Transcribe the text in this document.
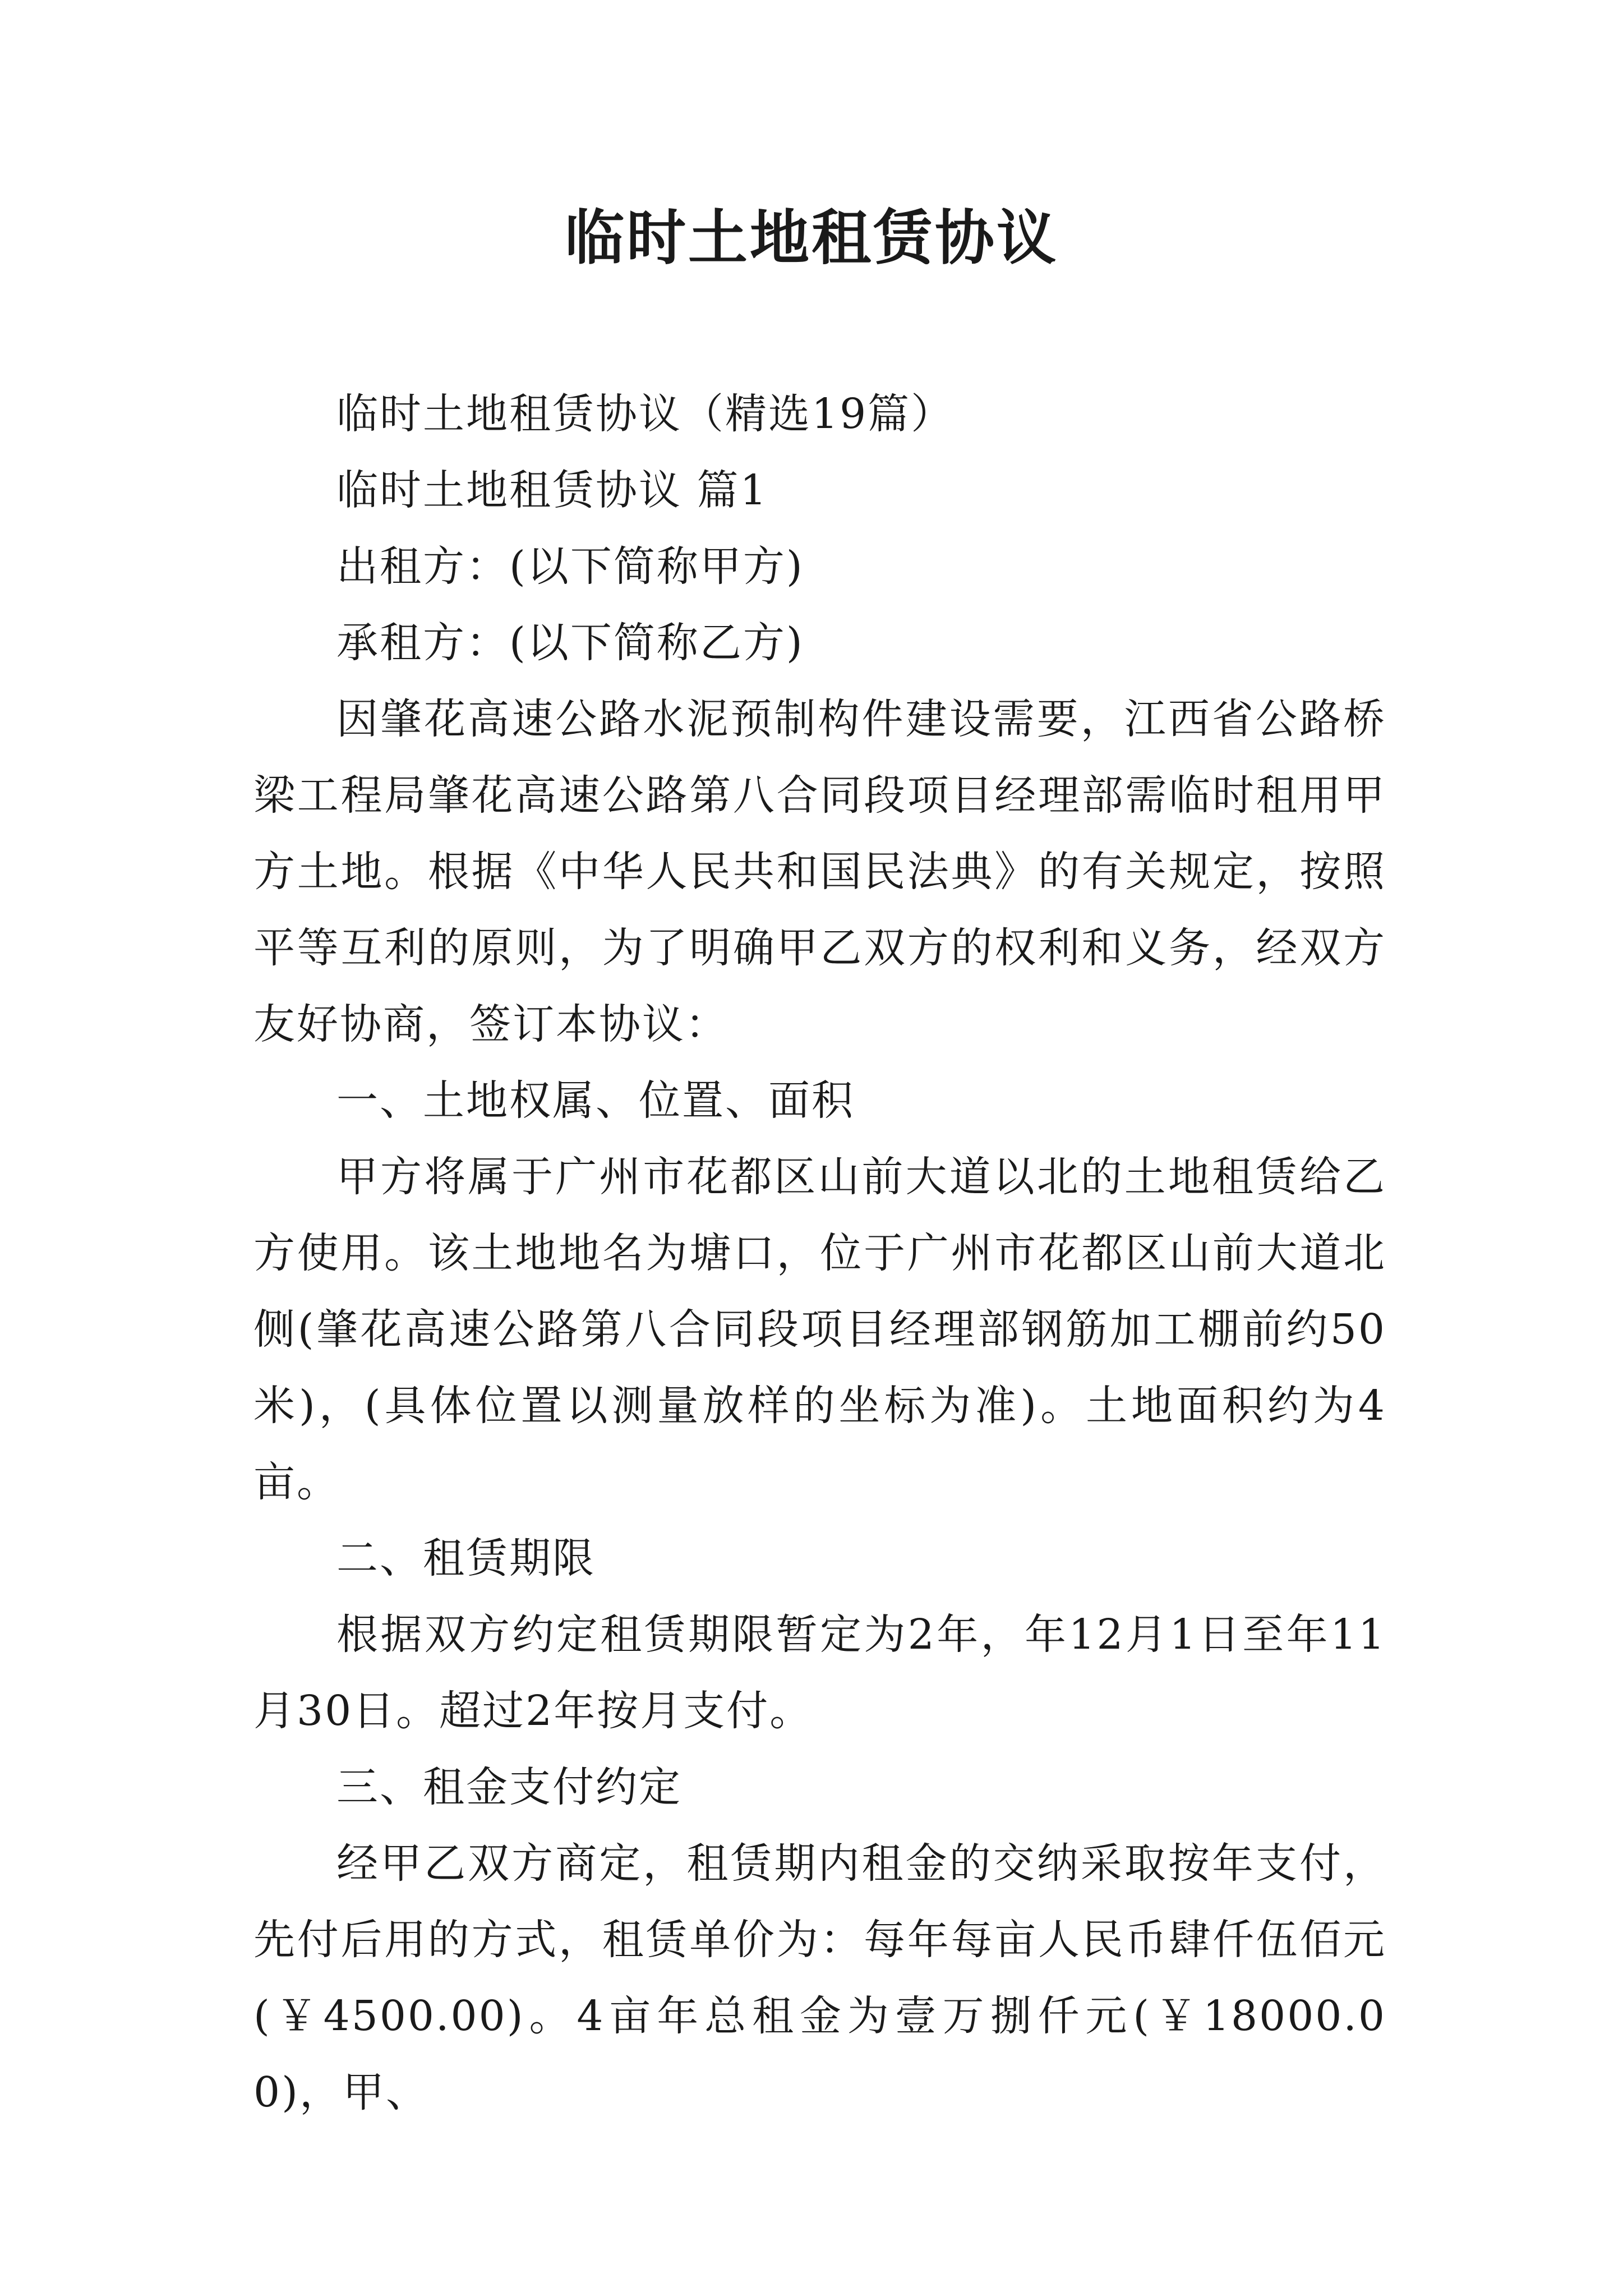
临时土地租赁协议

临时土地租赁协议（精选19篇）

临时土地租赁协议 篇1

出租方：(以下简称甲方)

承租方：(以下简称乙方)

因肇花高速公路水泥预制构件建设需要，江西省公路桥梁工程局肇花高速公路第八合同段项目经理部需临时租用甲方土地。根据《中华人民共和国民法典》的有关规定，按照平等互利的原则，为了明确甲乙双方的权利和义务，经双方友好协商，签订本协议：

一、土地权属、位置、面积

甲方将属于广州市花都区山前大道以北的土地租赁给乙方使用。该土地地名为塘口，位于广州市花都区山前大道北侧(肇花高速公路第八合同段项目经理部钢筋加工棚前约50米)，(具体位置以测量放样的坐标为准)。土地面积约为4亩。

二、租赁期限

根据双方约定租赁期限暂定为2年，年12月1日至年11月30日。超过2年按月支付。

三、租金支付约定

经甲乙双方商定，租赁期内租金的交纳采取按年支付，先付后用的方式，租赁单价为：每年每亩人民币肆仟伍佰元(￥4500.00)。4亩年总租金为壹万捌仟元(￥18000.00)，甲、
